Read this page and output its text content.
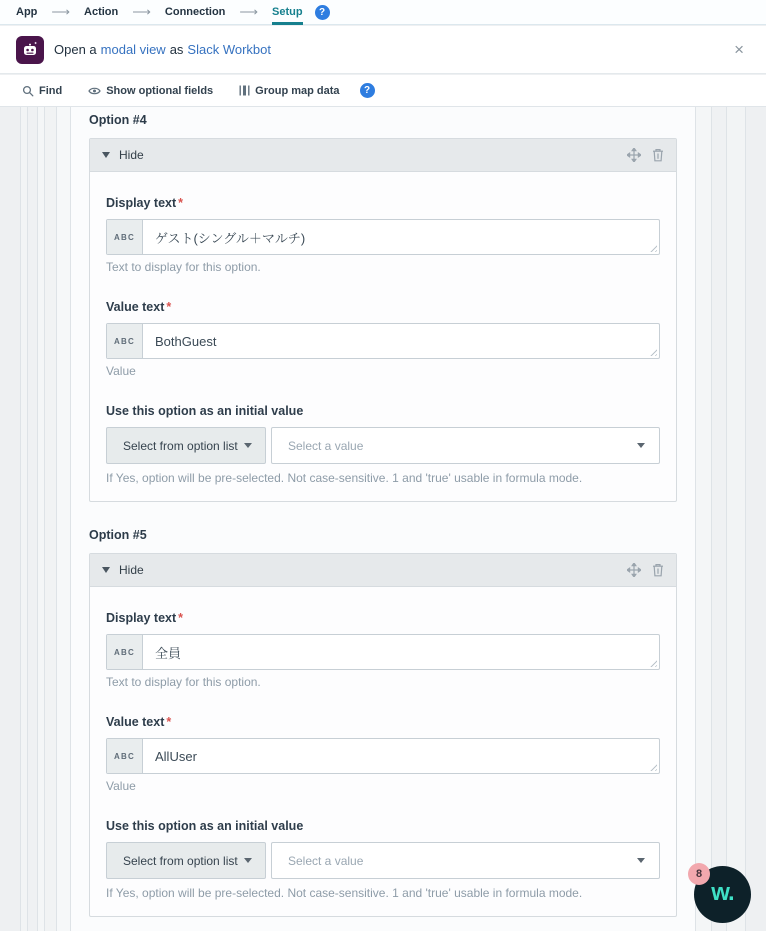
App ⟶ Action ⟶ Connection ⟶ Setup	?
Open a modal view as Slack Workbot	×
Find	Show optional fields	Group map data	?
Option #4
Hide
Display text *
ABC	ゲスト(シングル＋マルチ)
Text to display for this option.
Value text *
ABC	BothGuest
Value
Use this option as an initial value
Select from option list	Select a value
If Yes, option will be pre-selected. Not case-sensitive. 1 and 'true' usable in formula mode.
Option #5
Hide
Display text *
ABC	全員
Text to display for this option.
Value text *
ABC	AllUser
Value
Use this option as an initial value
Select from option list	Select a value
If Yes, option will be pre-selected. Not case-sensitive. 1 and 'true' usable in formula mode.	w.
8
